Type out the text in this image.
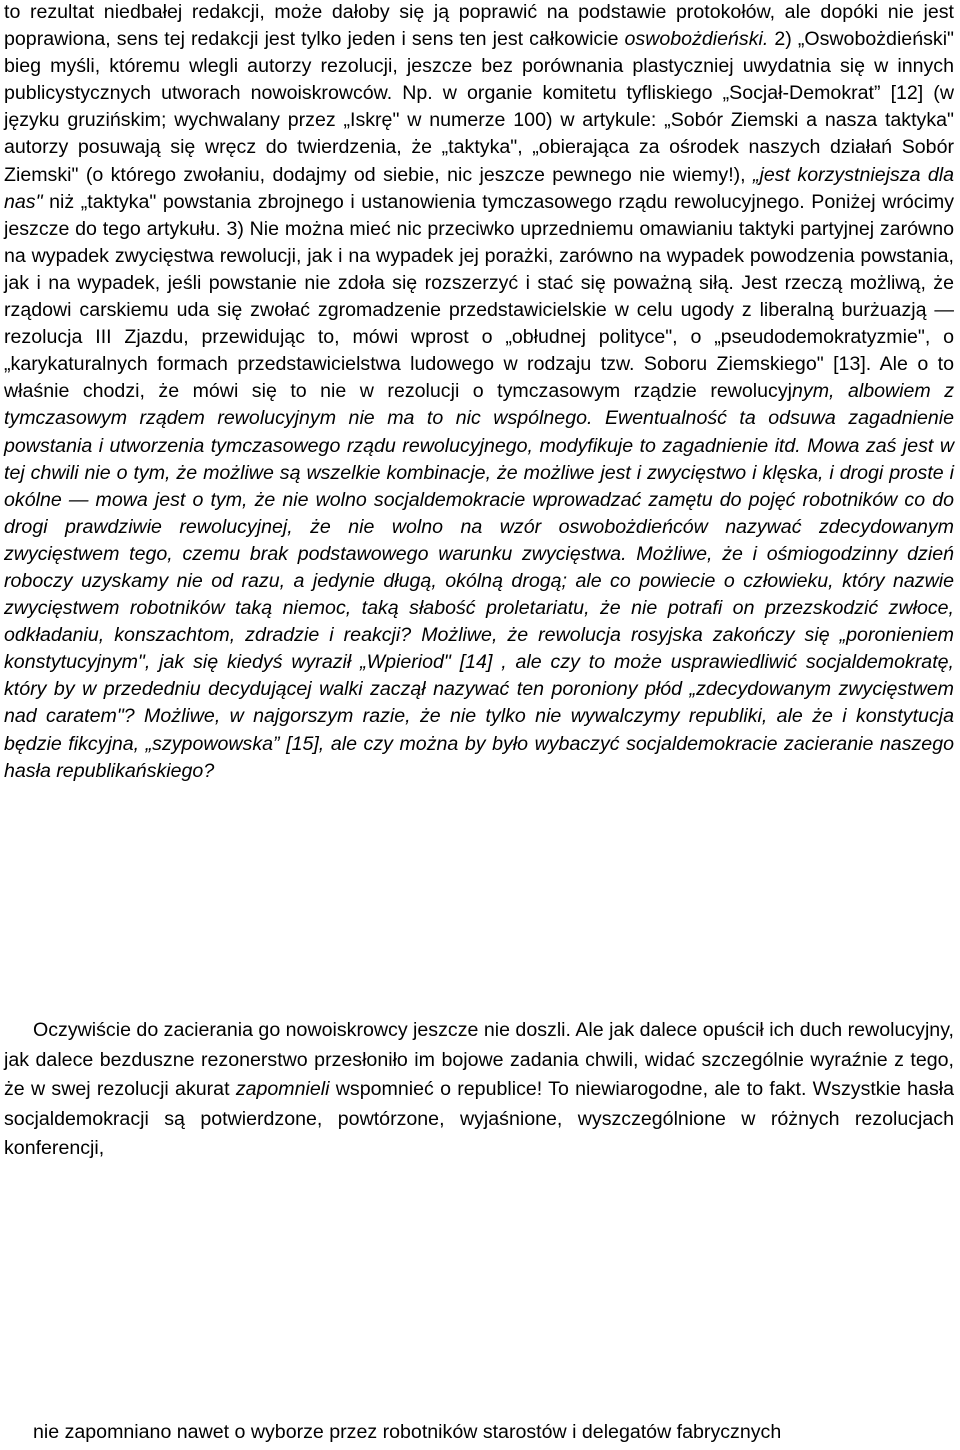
to rezultat niedbałej redakcji, może dałoby się ją poprawić na podstawie protokołów, ale dopóki nie jest poprawiona, sens tej redakcji jest tylko jeden i sens ten jest całkowicie oswobożdieński. 2) „Oswobożdieński" bieg myśli, któremu wlegli autorzy rezolucji, jeszcze bez porównania plastyczniej uwydatnia się w innych publicystycznych utworach nowoiskrowców. Np. w organie komitetu tyfliskiego „Socjał-Demokrat” [12] (w języku gruzińskim; wychwalany przez „Iskrę" w numerze 100) w artykule: „Sobór Ziemski a nasza taktyka" autorzy posuwają się wręcz do twierdzenia, że „taktyka", „obierająca za ośrodek naszych działań Sobór Ziemski" (o którego zwołaniu, dodajmy od siebie, nic jeszcze pewnego nie wiemy!), „jest korzystniejsza dla nas" niż „taktyka" powstania zbrojnego i ustanowienia tymczasowego rządu rewolucyjnego. Poniżej wrócimy jeszcze do tego artykułu. 3) Nie można mieć nic przeciwko uprzedniemu omawianiu taktyki partyjnej zarówno na wypadek zwycięstwa rewolucji, jak i na wypadek jej porażki, zarówno na wypadek powodzenia powstania, jak i na wypadek, jeśli powstanie nie zdoła się rozszerzyć i stać się poważną siłą. Jest rzeczą możliwą, że rządowi carskiemu uda się zwołać zgromadzenie przedstawicielskie w celu ugody z liberalną burżuazją — rezolucja III Zjazdu, przewidując to, mówi wprost o „obłudnej polityce", o „pseudodemokratyzmie", o „karykaturalnych formach przedstawicielstwa ludowego w rodzaju tzw. Soboru Ziemskiego" [13]. Ale o to właśnie chodzi, że mówi się to nie w rezolucji o tymczasowym rządzie rewolucyjnym, albowiem z tymczasowym rządem rewolucyjnym nie ma to nic wspólnego. Ewentualność ta odsuwa zagadnienie powstania i utworzenia tymczasowego rządu rewolucyjnego, modyfikuje to zagadnienie itd. Mowa zaś jest w tej chwili nie o tym, że możliwe są wszelkie kombinacje, że możliwe jest i zwycięstwo i klęska, i drogi proste i okólne — mowa jest o tym, że nie wolno socjaldemokracie wprowadzać zamętu do pojęć robotników co do drogi prawdziwie rewolucyjnej, że nie wolno na wzór oswobożdieńców nazywać zdecydowanym zwycięstwem tego, czemu brak podstawowego warunku zwycięstwa. Możliwe, że i ośmiogodzinny dzień roboczy uzyskamy nie od razu, a jedynie długą, okólną drogą; ale co powiecie o człowieku, który nazwie zwycięstwem robotników taką niemoc, taką słabość proletariatu, że nie potrafi on przezskodzić zwłoce, odkładaniu, konszachtom, zdradzie i reakcji? Możliwe, że rewolucja rosyjska zakończy się „poronieniem konstytucyjnym", jak się kiedyś wyraził „Wpieriod" [14] , ale czy to może usprawiedliwić socjaldemokratę, który by w przededniu decydującej walki zaczął nazywać ten poroniony płód „zdecydowanym zwycięstwem nad caratem"? Możliwe, w najgorszym razie, że nie tylko nie wywalczymy republiki, ale że i konstytucja będzie fikcyjna, „szypowowska” [15], ale czy można by było wybaczyć socjaldemokracie zacieranie naszego hasła republikańskiego?

Oczywiście do zacierania go nowoiskrowcy jeszcze nie doszli. Ale jak dalece opuścił ich duch rewolucyjny, jak dalece bezduszne rezonerstwo przesłoniło im bojowe zadania chwili, widać szczególnie wyraźnie z tego, że w swej rezolucji akurat zapomnieli wspomnieć o republice! To niewiarogodne, ale to fakt. Wszystkie hasła socjaldemokracji są potwierdzone, powtórzone, wyjaśnione, wyszczególnione w różnych rezolucjach konferencji,

nie zapomniano nawet o wyborze przez robotników starostów i delegatów fabrycznych
